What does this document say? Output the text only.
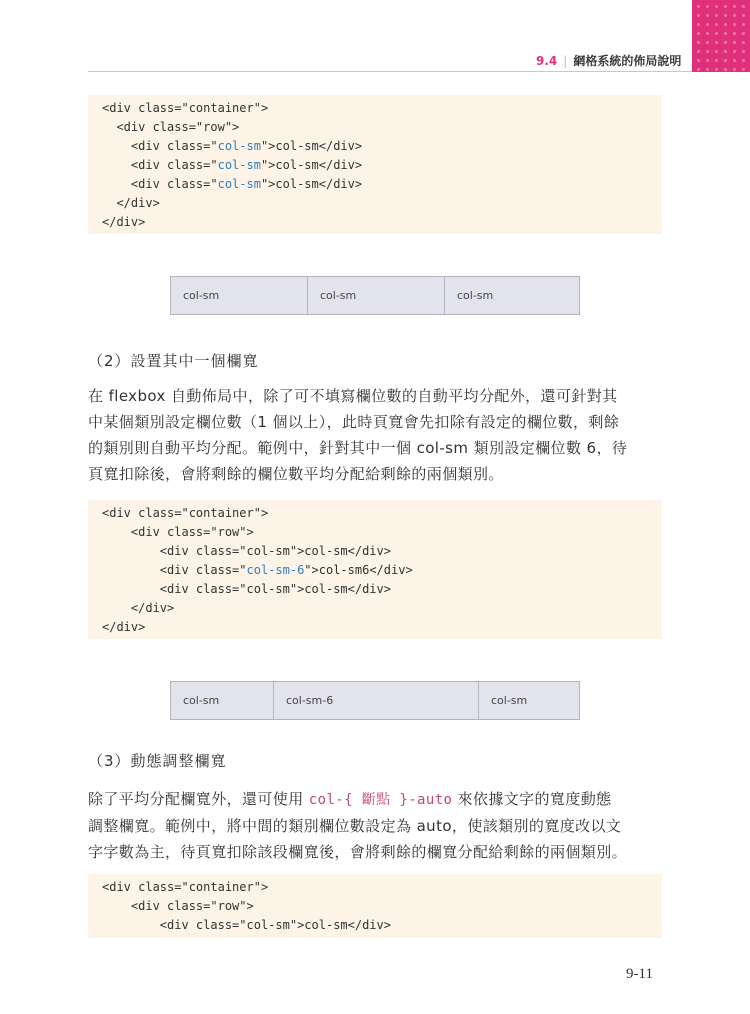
9.4 | 網格系統的佈局說明
<div class="container">
<div class="row">
<div class="col-sm">col-sm</div>
<div class="col-sm">col-sm</div>
<div class="col-sm">col-sm</div>
</div>
</div>
col-sm	col-sm	col-sm
（2）設置其中一個欄寬

在 flexbox 自動佈局中，除了可不填寫欄位數的自動平均分配外，還可針對其

中某個類別設定欄位數（1 個以上），此時頁寬會先扣除有設定的欄位數，剩餘

的類別則自動平均分配。範例中，針對其中一個 col-sm 類別設定欄位數 6，待

頁寬扣除後，會將剩餘的欄位數平均分配給剩餘的兩個類別。

<div class="container">
<div class="row">
<div class="col-sm">col-sm</div>
<div class="col-sm-6">col-sm6</div>
<div class="col-sm">col-sm</div>
</div>
</div>
col-sm	col-sm-6	col-sm
（3）動態調整欄寬

除了平均分配欄寬外，還可使用 col-{ 斷點 }-auto 來依據文字的寬度動態

調整欄寬。範例中，將中間的類別欄位數設定為 auto，使該類別的寬度改以文

字字數為主，待頁寬扣除該段欄寬後，會將剩餘的欄寬分配給剩餘的兩個類別。

<div class="container">
<div class="row">
<div class="col-sm">col-sm</div>
9-11
